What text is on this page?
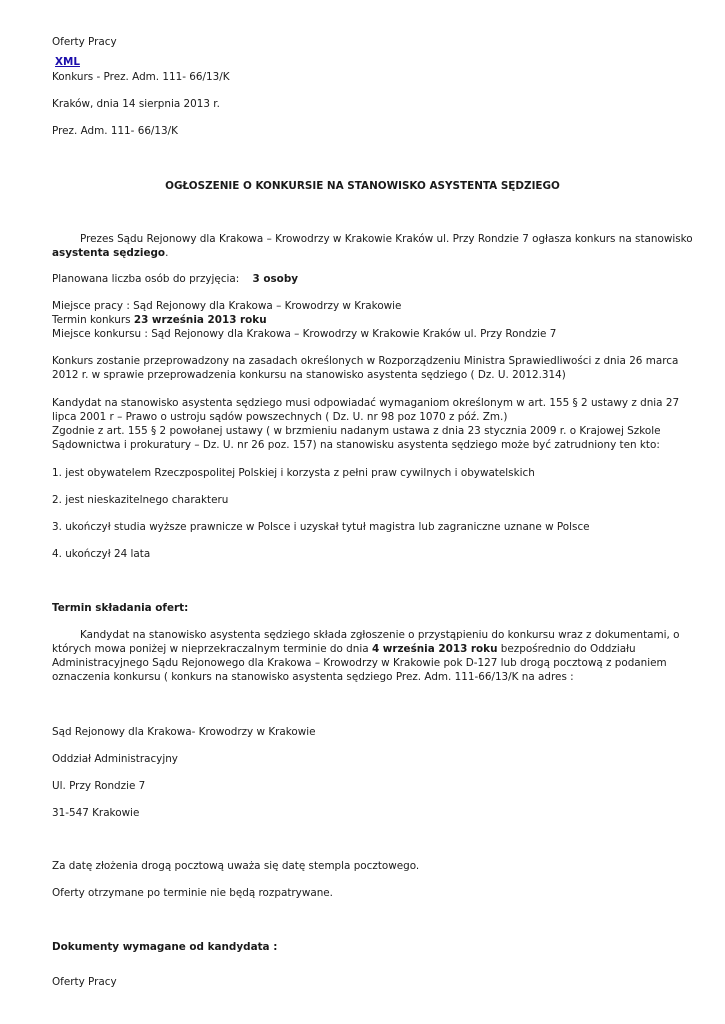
Oferty Pracy
XML
Konkurs - Prez. Adm. 111- 66/13/K
Kraków, dnia 14 sierpnia 2013 r.
Prez. Adm. 111- 66/13/K
OGŁOSZENIE O KONKURSIE NA STANOWISKO ASYSTENTA SĘDZIEGO
Prezes Sądu Rejonowy dla Krakowa – Krowodrzy w Krakowie Kraków ul. Przy Rondzie 7 ogłasza konkurs na stanowisko
asystenta sędziego.
Planowana liczba osób do przyjęcia: 3 osoby
Miejsce pracy : Sąd Rejonowy dla Krakowa – Krowodrzy w Krakowie
Termin konkurs 23 września 2013 roku
Miejsce konkursu : Sąd Rejonowy dla Krakowa – Krowodrzy w Krakowie Kraków ul. Przy Rondzie 7
Konkurs zostanie przeprowadzony na zasadach określonych w Rozporządzeniu Ministra Sprawiedliwości z dnia 26 marca
2012 r. w sprawie przeprowadzenia konkursu na stanowisko asystenta sędziego ( Dz. U. 2012.314)
Kandydat na stanowisko asystenta sędziego musi odpowiadać wymaganiom określonym w art. 155 § 2 ustawy z dnia 27
lipca 2001 r – Prawo o ustroju sądów powszechnych ( Dz. U. nr 98 poz 1070 z póź. Zm.)
Zgodnie z art. 155 § 2 powołanej ustawy ( w brzmieniu nadanym ustawa z dnia 23 stycznia 2009 r. o Krajowej Szkole
Sądownictwa i prokuratury – Dz. U. nr 26 poz. 157) na stanowisku asystenta sędziego może być zatrudniony ten kto:
1. jest obywatelem Rzeczpospolitej Polskiej i korzysta z pełni praw cywilnych i obywatelskich
2. jest nieskazitelnego charakteru
3. ukończył studia wyższe prawnicze w Polsce i uzyskał tytuł magistra lub zagraniczne uznane w Polsce
4. ukończył 24 lata
Termin składania ofert:
Kandydat na stanowisko asystenta sędziego składa zgłoszenie o przystąpieniu do konkursu wraz z dokumentami, o
których mowa poniżej w nieprzekraczalnym terminie do dnia 4 września 2013 roku bezpośrednio do Oddziału
Administracyjnego Sądu Rejonowego dla Krakowa – Krowodrzy w Krakowie pok D-127 lub drogą pocztową z podaniem
oznaczenia konkursu ( konkurs na stanowisko asystenta sędziego Prez. Adm. 111-66/13/K na adres :
Sąd Rejonowy dla Krakowa- Krowodrzy w Krakowie
Oddział Administracyjny
Ul. Przy Rondzie 7
31-547 Krakowie
Za datę złożenia drogą pocztową uważa się datę stempla pocztowego.
Oferty otrzymane po terminie nie będą rozpatrywane.
Dokumenty wymagane od kandydata :
Oferty Pracy
